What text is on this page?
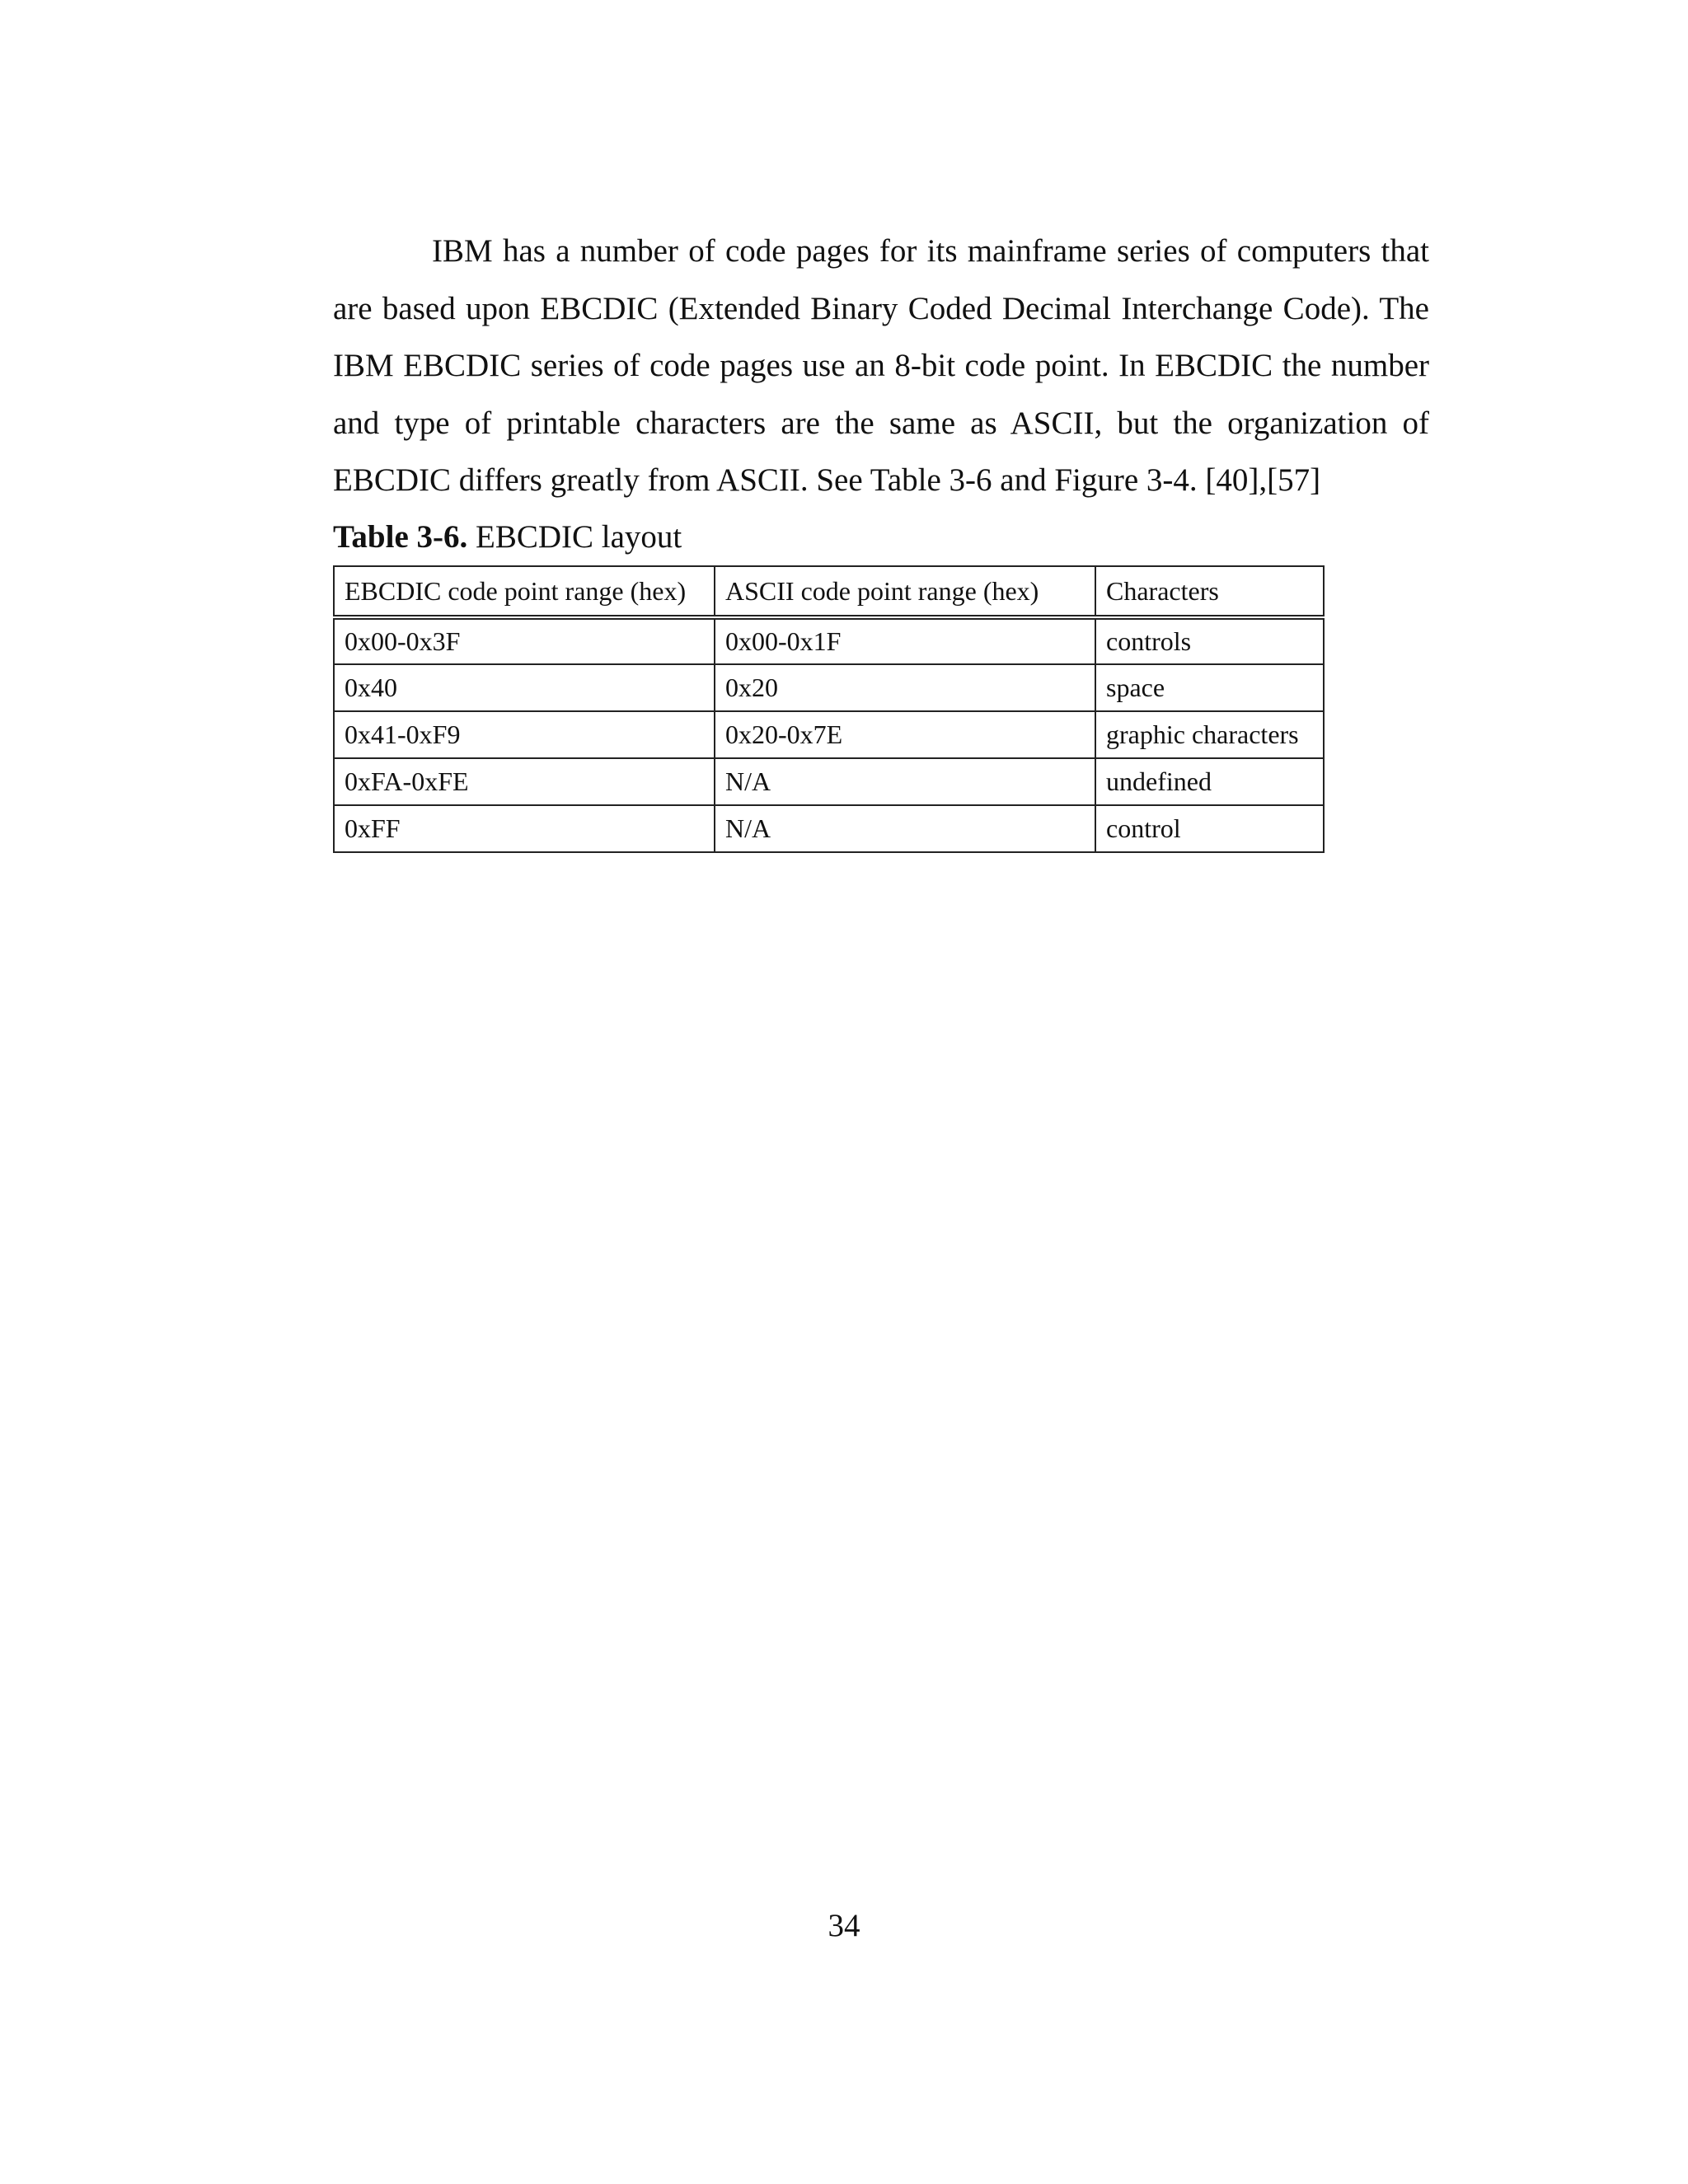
IBM has a number of code pages for its mainframe series of computers that are based upon EBCDIC (Extended Binary Coded Decimal Interchange Code). The IBM EBCDIC series of code pages use an 8-bit code point. In EBCDIC the number and type of printable characters are the same as ASCII, but the organization of EBCDIC differs greatly from ASCII. See Table 3-6 and Figure 3-4. [40],[57]

Table 3-6. EBCDIC layout

EBCDIC code point range (hex)	ASCII code point range (hex)	Characters
0x00-0x3F	0x00-0x1F	controls
0x40	0x20	space
0x41-0xF9	0x20-0x7E	graphic characters
0xFA-0xFE	N/A	undefined
0xFF	N/A	control

34
